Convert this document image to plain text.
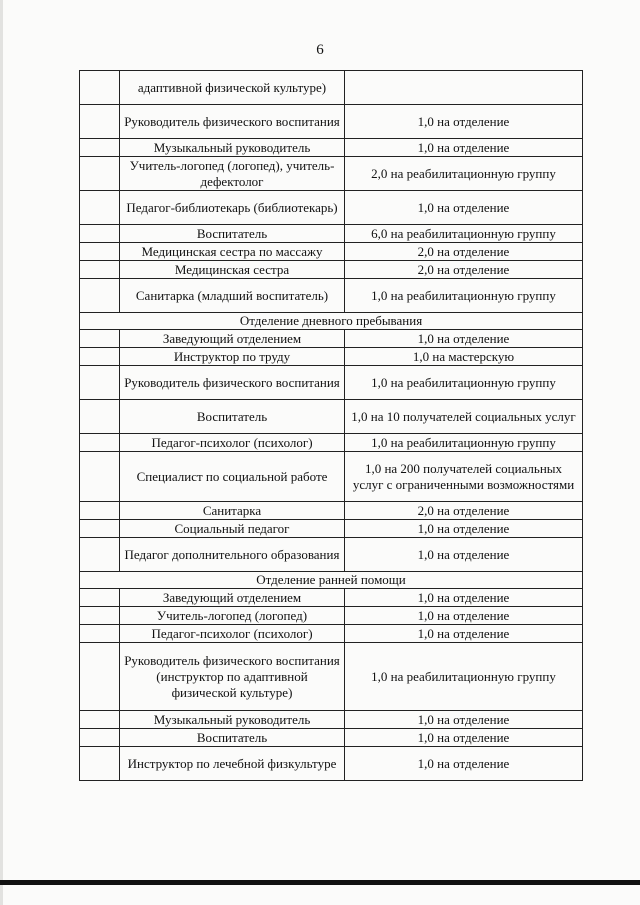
6
	адаптивной физической культуре)	
	Руководитель физического воспитания	1,0 на отделение
	Музыкальный руководитель	1,0 на отделение
	Учитель-логопед (логопед), учитель-дефектолог	2,0 на реабилитационную группу
	Педагог-библиотекарь (библиотекарь)	1,0 на отделение
	Воспитатель	6,0 на реабилитационную группу
	Медицинская сестра по массажу	2,0 на отделение
	Медицинская сестра	2,0 на отделение
	Санитарка (младший воспитатель)	1,0 на реабилитационную группу
Отделение дневного пребывания		
	Заведующий отделением	1,0 на отделение
	Инструктор по труду	1,0 на мастерскую
	Руководитель физического воспитания	1,0 на реабилитационную группу
	Воспитатель	1,0 на 10 получателей социальных услуг
	Педагог-психолог (психолог)	1,0 на реабилитационную группу
	Специалист по социальной работе	1,0 на 200 получателей социальных услуг с ограниченными возможностями
	Санитарка	2,0 на отделение
	Социальный педагог	1,0 на отделение
	Педагог дополнительного образования	1,0 на отделение
Отделение ранней помощи		
	Заведующий отделением	1,0 на отделение
	Учитель-логопед (логопед)	1,0 на отделение
	Педагог-психолог (психолог)	1,0 на отделение
	Руководитель физического воспитания (инструктор по адаптивной физической культуре)	1,0 на реабилитационную группу
	Музыкальный руководитель	1,0 на отделение
	Воспитатель	1,0 на отделение
	Инструктор по лечебной физкультуре	1,0 на отделение
